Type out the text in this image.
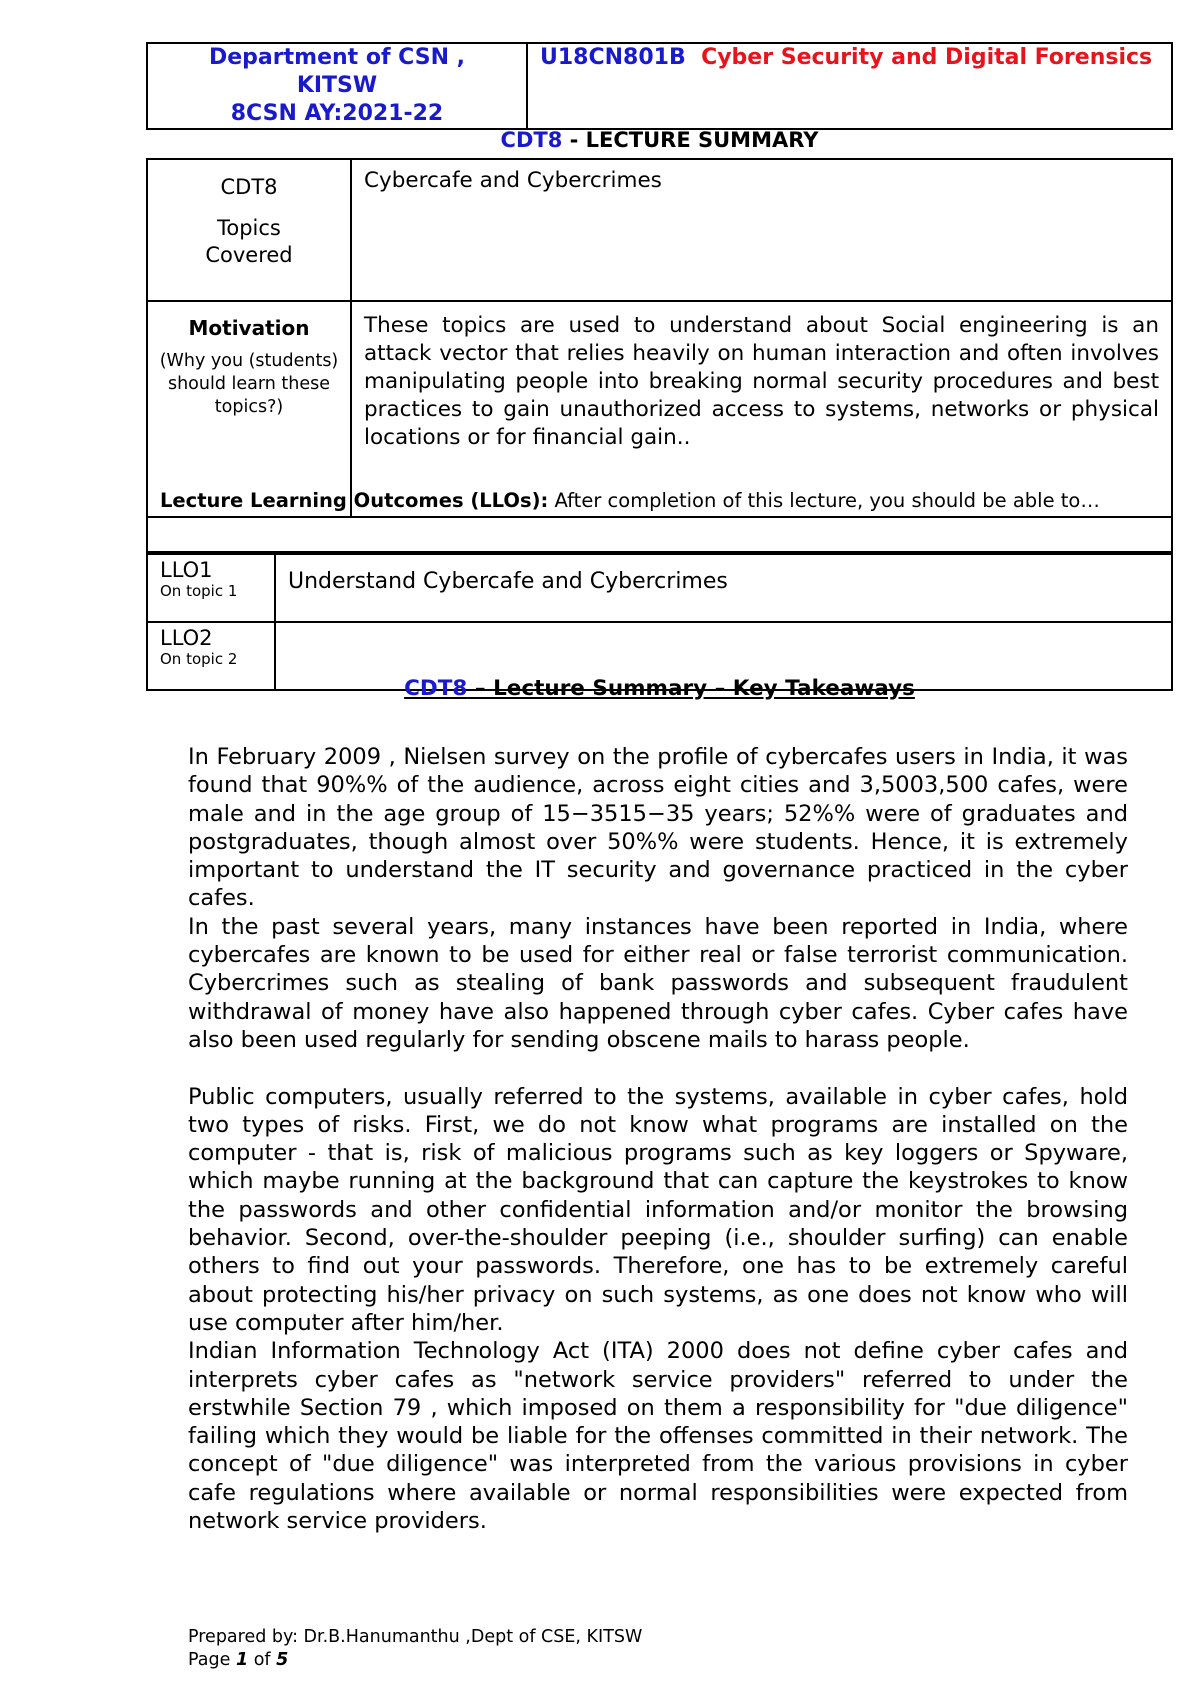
Department of CSN ,
KITSW
8CSN AY:2021-22
	U18CN801B Cyber Security and Digital Forensics
CDT8 - LECTURE SUMMARY
CDT8
Topics
Covered	Cybercafe and Cybercrimes

Motivation
(Why you (students) should learn these topics?)	These topics are used to understand about Social engineering is an attack vector that relies heavily on human interaction and often involves manipulating people into breaking normal security procedures and best practices to gain unauthorized access to systems, networks or physical locations or for financial gain..
Lecture Learning Outcomes (LLOs): After completion of this lecture, you should be able to…
LLO1
On topic 1	Understand Cybercafe and Cybercrimes

LLO2
On topic 2	

CDT8 – Lecture Summary – Key Takeaways

In February 2009 , Nielsen survey on the profile of cybercafes users in India, it was found that 90%% of the audience, across eight cities and 3,5003,500 cafes, were male and in the age group of 15−3515−35 years; 52%% were of graduates and postgraduates, though almost over 50%% were students. Hence, it is extremely important to understand the IT security and governance practiced in the cyber cafes.

In the past several years, many instances have been reported in India, where cybercafes are known to be used for either real or false terrorist communication. Cybercrimes such as stealing of bank passwords and subsequent fraudulent withdrawal of money have also happened through cyber cafes. Cyber cafes have also been used regularly for sending obscene mails to harass people.

Public computers, usually referred to the systems, available in cyber cafes, hold two types of risks. First, we do not know what programs are installed on the computer - that is, risk of malicious programs such as key loggers or Spyware, which maybe running at the background that can capture the keystrokes to know the passwords and other confidential information and/or monitor the browsing behavior. Second, over-the-shoulder peeping (i.e., shoulder surfing) can enable others to find out your passwords. Therefore, one has to be extremely careful about protecting his/her privacy on such systems, as one does not know who will use computer after him/her.

Indian Information Technology Act (ITA) 2000 does not define cyber cafes and interprets cyber cafes as "network service providers" referred to under the erstwhile Section 79 , which imposed on them a responsibility for "due diligence" failing which they would be liable for the offenses committed in their network. The concept of "due diligence" was interpreted from the various provisions in cyber cafe regulations where available or normal responsibilities were expected from network service providers.

Prepared by: Dr.B.Hanumanthu ,Dept of CSE, KITSW
Page 1 of 5
